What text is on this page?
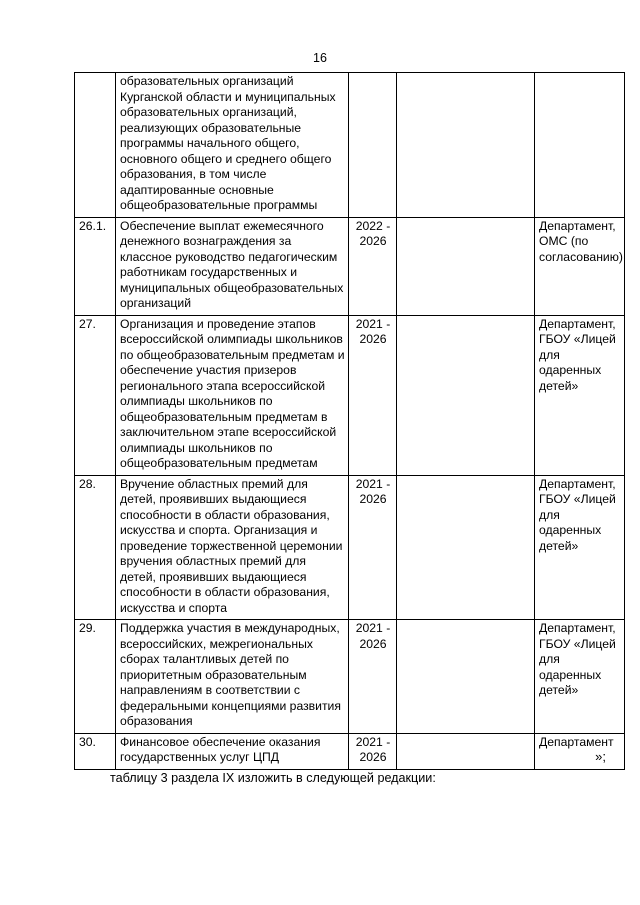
16
	образовательных организаций Курганской области и муниципальных образовательных организаций, реализующих образовательные программы начального общего, основного общего и среднего общего образования, в том числе адаптированные основные общеобразовательные программы			
26.1.	Обеспечение выплат ежемесячного денежного вознаграждения за классное руководство педагогическим работникам государственных и муниципальных общеобразовательных организаций	2022 - 2026		Департамент, ОМС (по согласованию)
27.	Организация и проведение этапов всероссийской олимпиады школьников по общеобразовательным предметам и обеспечение участия призеров регионального этапа всероссийской олимпиады школьников по общеобразовательным предметам в заключительном этапе всероссийской олимпиады школьников по общеобразовательным предметам	2021 - 2026		Департамент, ГБОУ «Лицей для одаренных детей»
28.	Вручение областных премий для детей, проявивших выдающиеся способности в области образования, искусства и спорта. Организация и проведение торжественной церемонии вручения областных премий для детей, проявивших выдающиеся способности в области образования, искусства и спорта	2021 - 2026		Департамент, ГБОУ «Лицей для одаренных детей»
29.	Поддержка участия в международных, всероссийских, межрегиональных сборах талантливых детей по приоритетным образовательным направлениям в соответствии с федеральными концепциями развития образования	2021 - 2026		Департамент, ГБОУ «Лицей для одаренных детей»
30.	Финансовое обеспечение оказания государственных услуг ЦПД	2021 - 2026		Департамент
»;
таблицу 3 раздела IX изложить в следующей редакции:
